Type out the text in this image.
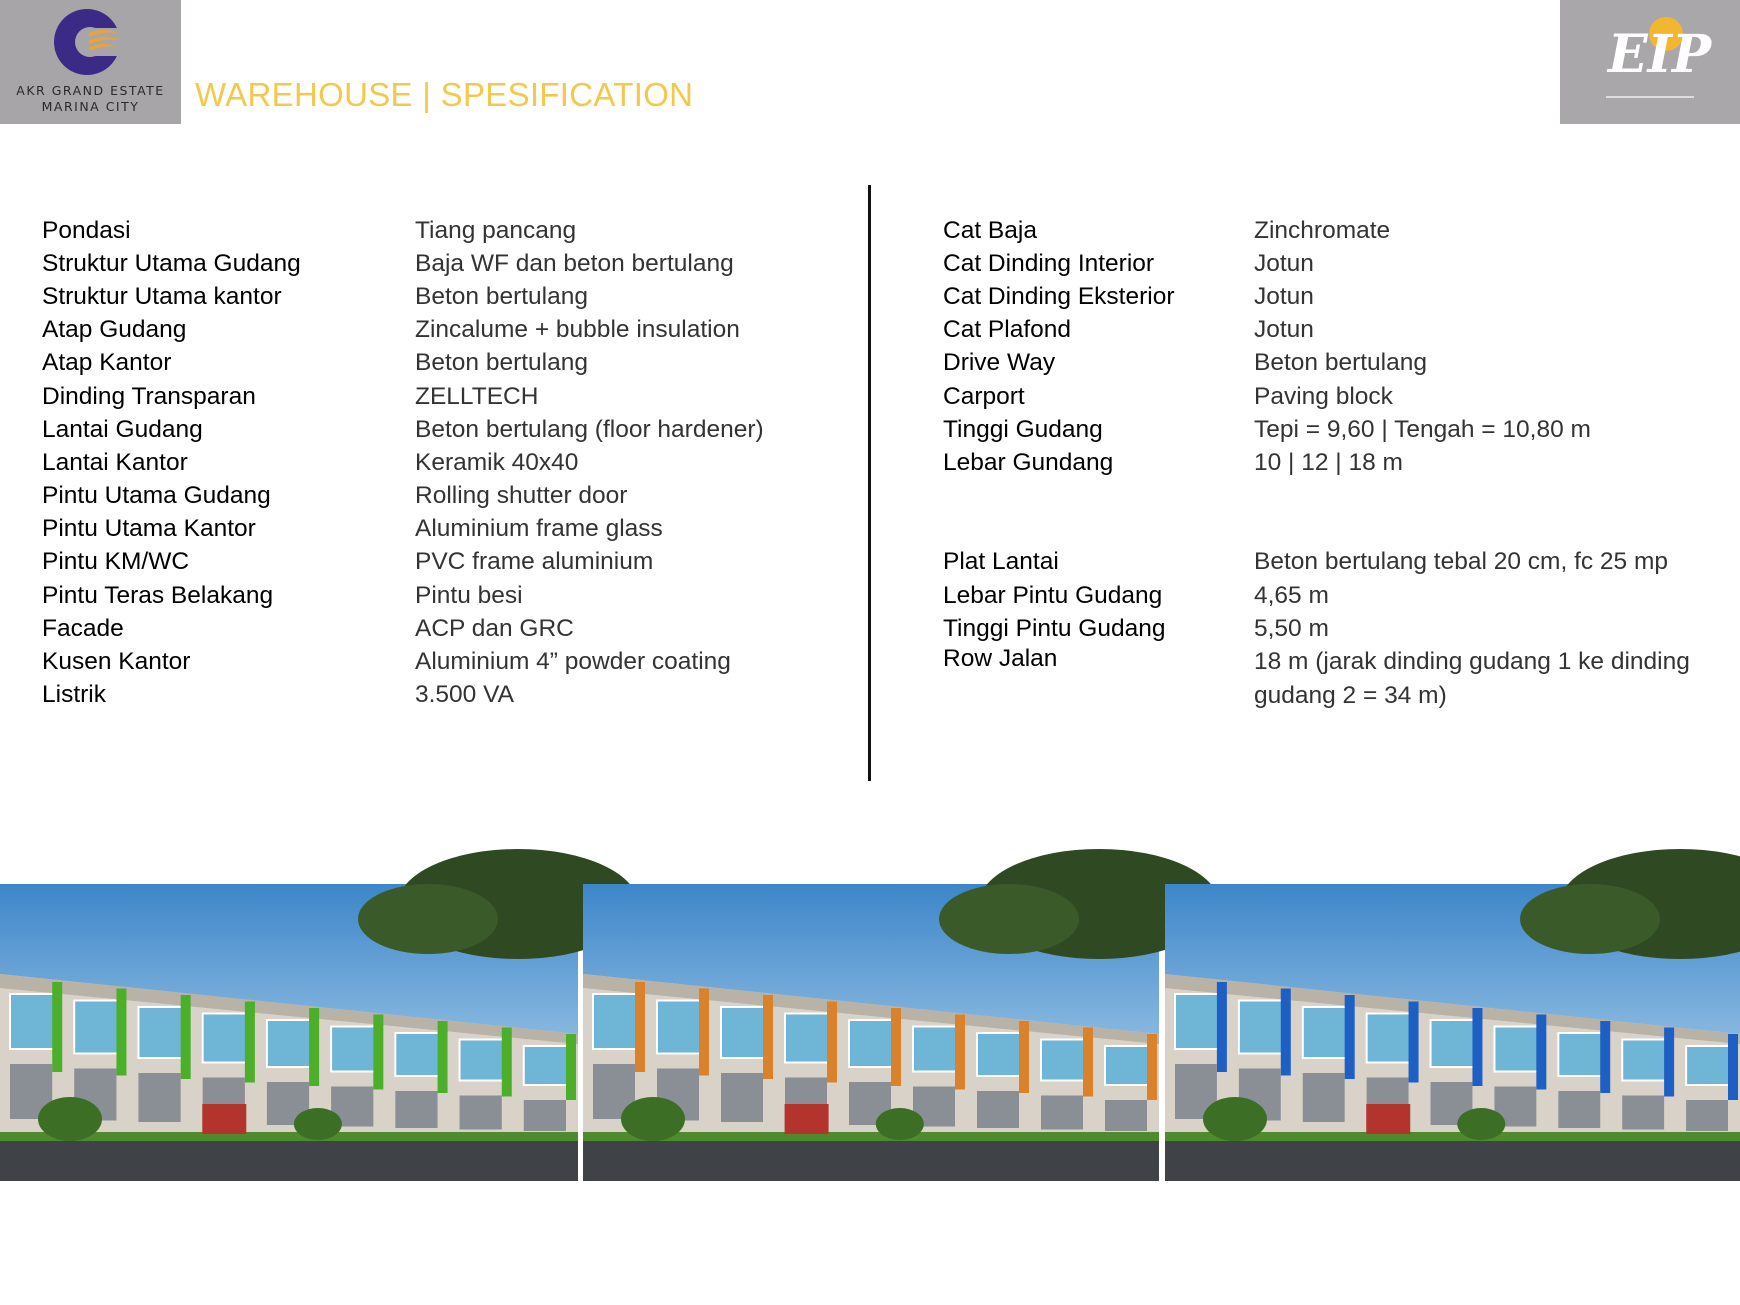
AKR GRAND ESTATE
MARINA CITY	WAREHOUSE | SPESIFICATION
EIP
Pondasi	Tiang pancang
Struktur Utama Gudang	Baja WF dan beton bertulang
Struktur Utama kantor	Beton bertulang
Atap Gudang	Zincalume + bubble insulation
Atap Kantor	Beton bertulang
Dinding Transparan	ZELLTECH
Lantai Gudang	Beton bertulang (floor hardener)
Lantai Kantor	Keramik 40x40
Pintu Utama Gudang	Rolling shutter door
Pintu Utama Kantor	Aluminium frame glass
Pintu KM/WC	PVC frame aluminium
Pintu Teras Belakang	Pintu besi
Facade	ACP dan GRC
Kusen Kantor	Aluminium 4” powder coating
Listrik	3.500 VA
Cat Baja	Zinchromate
Cat Dinding Interior	Jotun
Cat Dinding Eksterior	Jotun
Cat Plafond	Jotun
Drive Way	Beton bertulang
Carport	Paving block
Tinggi Gudang	Tepi = 9,60 | Tengah = 10,80 m
Lebar Gundang	10 | 12 | 18 m
Plat Lantai	Beton bertulang tebal 20 cm, fc 25 mp
Lebar Pintu Gudang	4,65 m
Tinggi Pintu Gudang	5,50 m
Row Jalan	18 m (jarak dinding gudang 1 ke dinding gudang 2 = 34 m)
